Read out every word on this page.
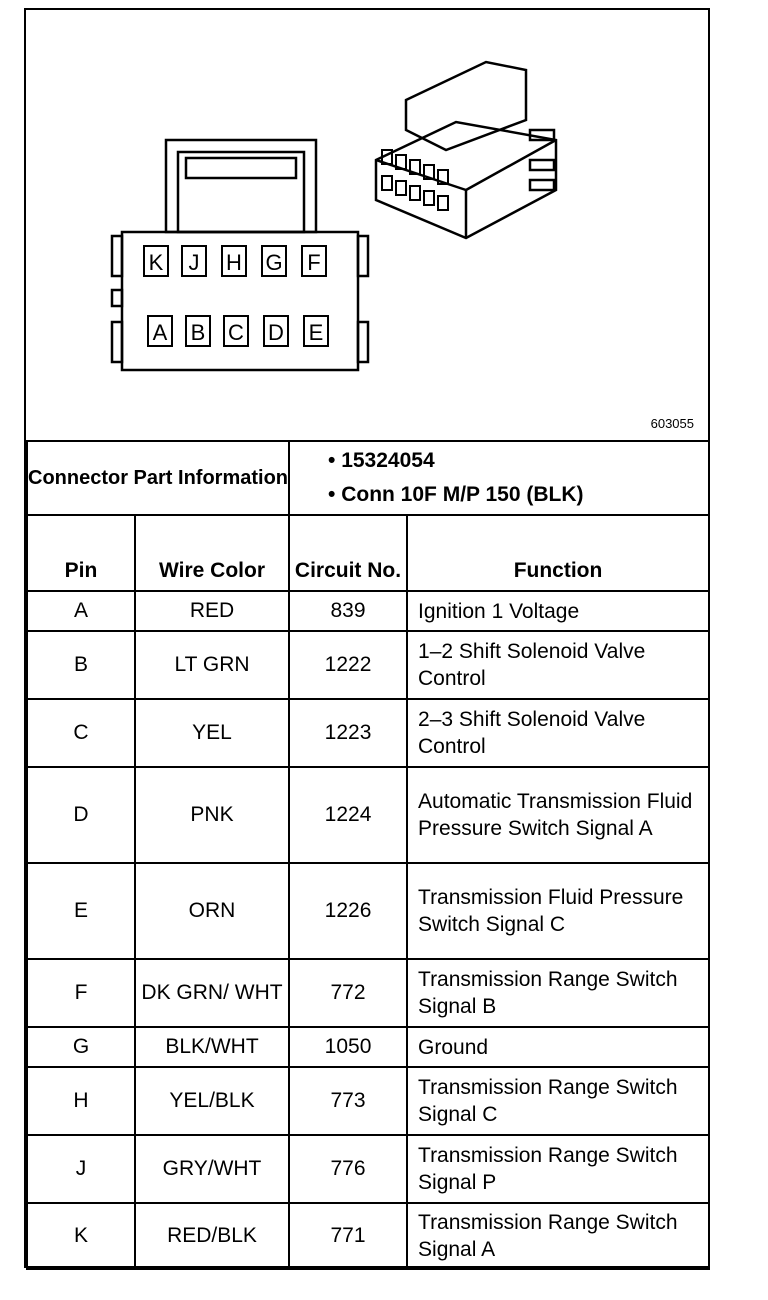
K J H G F
A B C D E
603055
Connector Part Information		• 15324054
• Conn 10F M/P 150 (BLK)	

Pin	Wire Color	Circuit No.	Function
A	RED	839	Ignition 1 Voltage
B	LT GRN	1222	1–2 Shift Solenoid Valve Control
C	YEL	1223	2–3 Shift Solenoid Valve Control
D	PNK	1224	Automatic Transmission Fluid Pressure Switch Signal A
E	ORN	1226	Transmission Fluid Pressure Switch Signal C
F	DK GRN/ WHT	772	Transmission Range Switch Signal B
G	BLK/WHT	1050	Ground
H	YEL/BLK	773	Transmission Range Switch Signal C
J	GRY/WHT	776	Transmission Range Switch Signal P
K	RED/BLK	771	Transmission Range Switch Signal A
